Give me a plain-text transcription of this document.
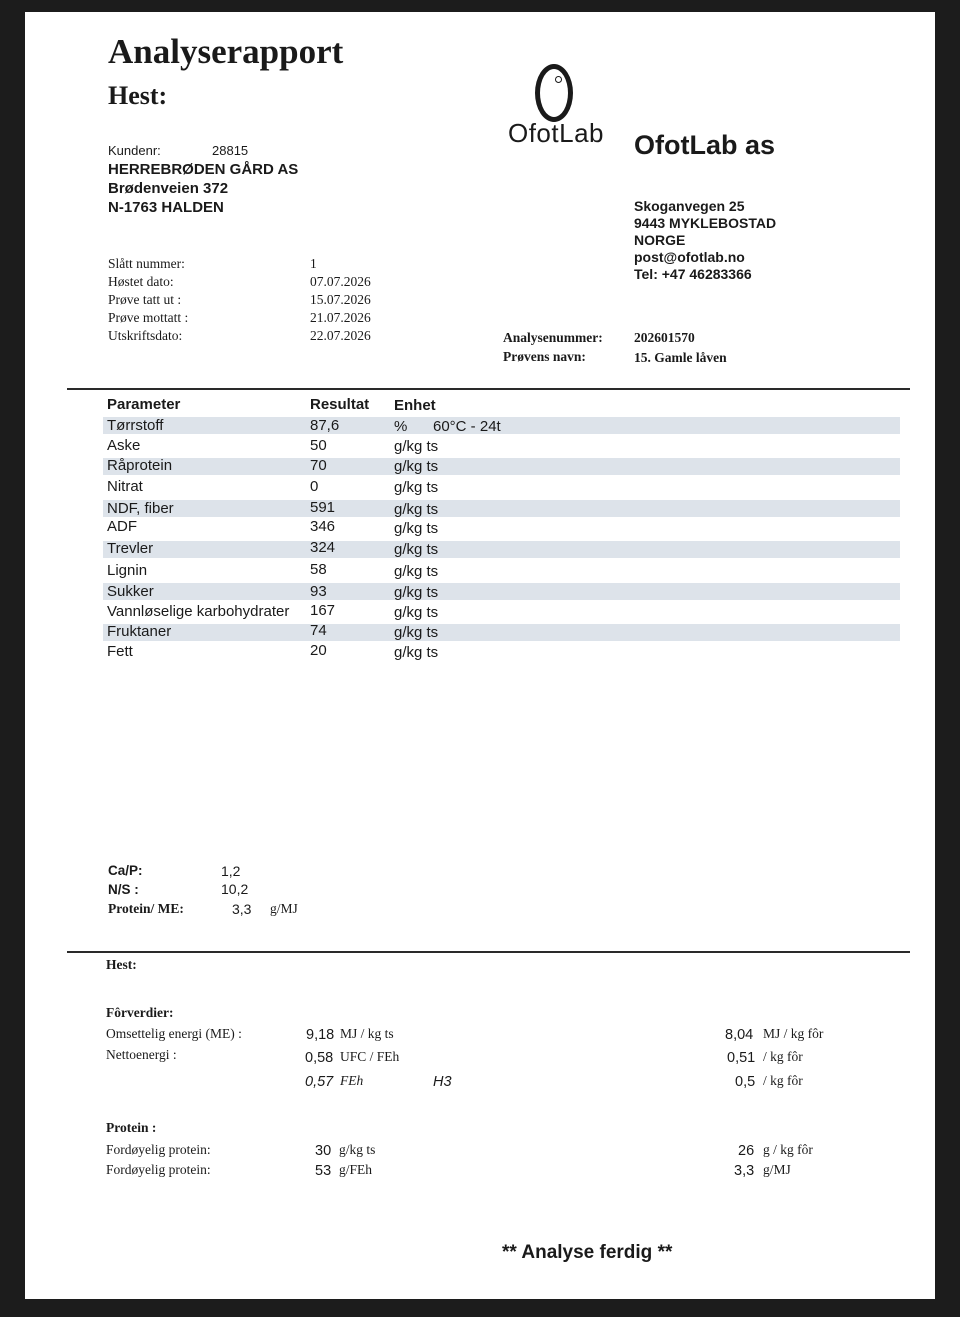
Analyserapport
Hest:
Kundenr:	28815
HERREBRØDEN GÅRD AS
Brødenveien 372
N-1763 HALDEN
OfotLab OfotLab as
Skoganvegen 25
9443 MYKLEBOSTAD
NORGE
post@ofotlab.no
Tel: +47 46283366
Slått nummer:	1
Høstet dato:	07.07.2026
Prøve tatt ut :	15.07.2026
Prøve mottatt :	21.07.2026
Utskriftsdato:	22.07.2026	Analysenummer: 202601570
Prøvens navn:	15. Gamle låven
Parameter	Resultat Enhet
Tørrstoff	87,6	% 60°C - 24t
Aske	50	g/kg ts
Råprotein	70	g/kg ts
Nitrat	0	g/kg ts
NDF, fiber	591	g/kg ts
ADF	346	g/kg ts
Trevler	324	g/kg ts
Lignin	58	g/kg ts
Sukker	93	g/kg ts
Vannløselige karbohydrater 167	g/kg ts
Fruktaner	74	g/kg ts
Fett	20	g/kg ts
Ca/P:	1,2
N/S :	10,2
Protein/ ME:	3,3 g/MJ
Hest:
Fôrverdier:
Omsettelig energi (ME) :	9,18 MJ / kg ts	8,04 MJ / kg fôr
Nettoenergi :	0,58 UFC / FEh	0,51 / kg fôr
0,57 FEh	H3	0,5 / kg fôr
Protein :
Fordøyelig protein:	30 g/kg ts	26 g / kg fôr
Fordøyelig protein:	53 g/FEh	3,3 g/MJ
** Analyse ferdig **
